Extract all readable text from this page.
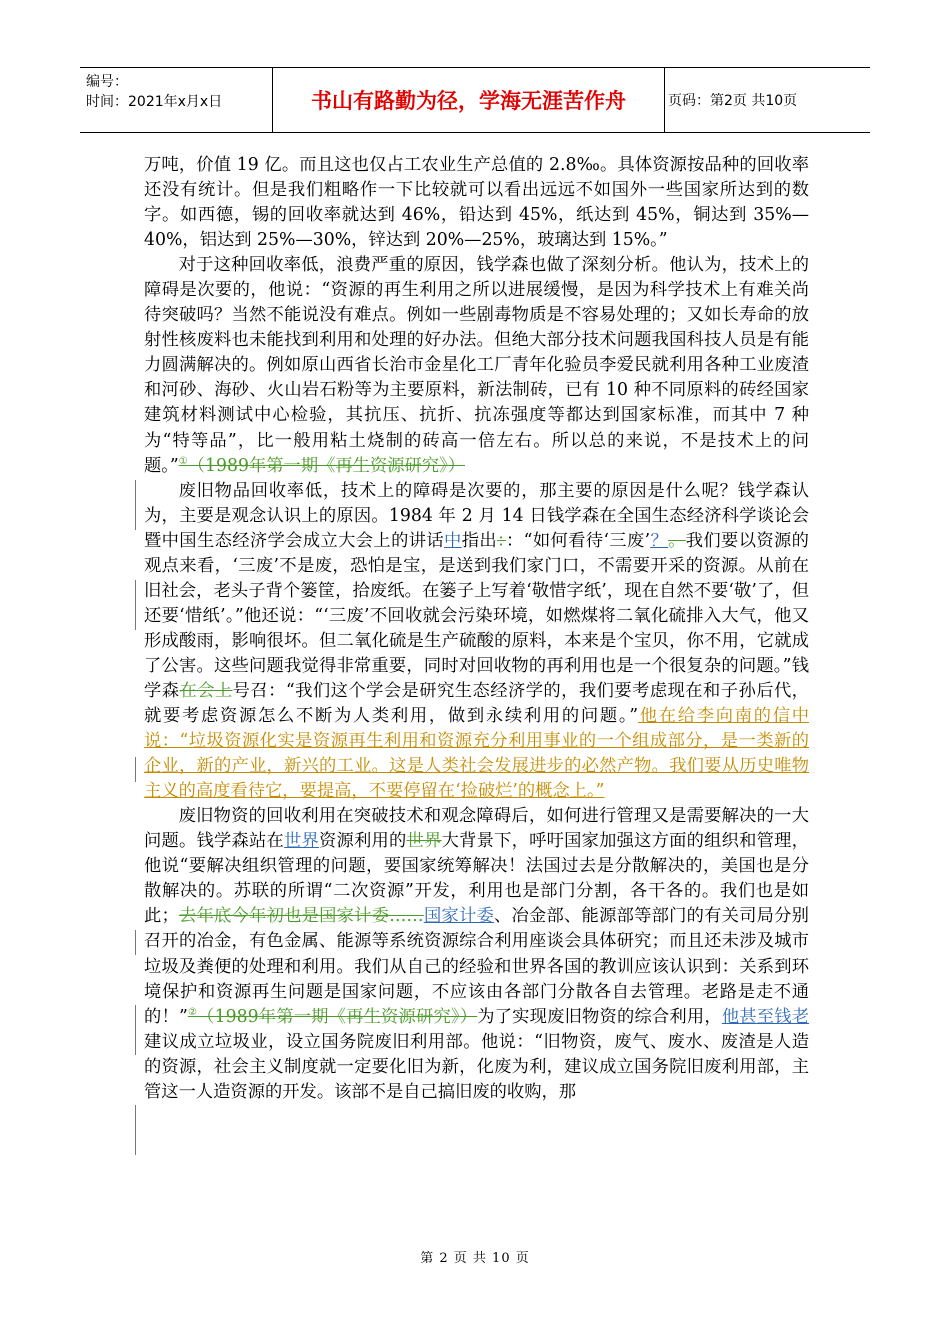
编号：
时间：2021年x月x日	书山有路勤为径，学海无涯苦作舟	页码：第2页 共10页

万吨，价值 19 亿。而且这也仅占工农业生产总值的 2.8‰。具体资源按品种的回收率还没有统计。但是我们粗略作一下比较就可以看出远远不如国外一些国家所达到的数字。如西德，锡的回收率就达到 46%，铅达到 45%，纸达到 45%，铜达到 35%—40%，铝达到 25%—30%，锌达到 20%—25%，玻璃达到 15%。”

对于这种回收率低，浪费严重的原因，钱学森也做了深刻分析。他认为，技术上的障碍是次要的，他说：“资源的再生利用之所以进展缓慢，是因为科学技术上有难关尚待突破吗？当然不能说没有难点。例如一些剧毒物质是不容易处理的；又如长寿命的放射性核废料也未能找到利用和处理的好办法。但绝大部分技术问题我国科技人员是有能力圆满解决的。例如原山西省长治市金星化工厂青年化验员李爱民就利用各种工业废渣和河砂、海砂、火山岩石粉等为主要原料，新法制砖，已有 10 种不同原料的砖经国家建筑材料测试中心检验，其抗压、抗折、抗冻强度等都达到国家标准，而其中 7 种为“特等品”，比一般用粘土烧制的砖高一倍左右。所以总的来说，不是技术上的问题。”①（1989年第一期《再生资源研究》）

废旧物品回收率低，技术上的障碍是次要的，那主要的原因是什么呢？钱学森认为，主要是观念认识上的原因。1984 年 2 月 14 日钱学森在全国生态经济科学谈论会暨中国生态经济学会成立大会上的讲话中指出：：“如何看待‘三废’？。我们要以资源的观点来看，‘三废’不是废，恐怕是宝，是送到我们家门口，不需要开采的资源。从前在旧社会，老头子背个篓筐，拾废纸。在篓子上写着‘敬惜字纸’，现在自然不要‘敬’了，但还要‘惜纸’。”他还说：“‘三废’不回收就会污染环境，如燃煤将二氧化硫排入大气，他又形成酸雨，影响很坏。但二氧化硫是生产硫酸的原料，本来是个宝贝，你不用，它就成了公害。这些问题我觉得非常重要，同时对回收物的再利用也是一个很复杂的问题。”钱学森在会上号召：“我们这个学会是研究生态经济学的，我们要考虑现在和子孙后代，就要考虑资源怎么不断为人类利用，做到永续利用的问题。”他在给李向南的信中说：“垃圾资源化实是资源再生利用和资源充分利用事业的一个组成部分，是一类新的企业，新的产业，新兴的工业。这是人类社会发展进步的必然产物。我们要从历史唯物主义的高度看待它，要提高，不要停留在‘捡破烂’的概念上。”

废旧物资的回收利用在突破技术和观念障碍后，如何进行管理又是需要解决的一大问题。钱学森站在世界资源利用的世界大背景下，呼吁国家加强这方面的组织和管理，他说“要解决组织管理的问题，要国家统筹解决！法国过去是分散解决的，美国也是分散解决的。苏联的所谓“二次资源”开发，利用也是部门分割，各干各的。我们也是如此；去年底今年初也是国家计委……国家计委、冶金部、能源部等部门的有关司局分别召开的冶金，有色金属、能源等系统资源综合利用座谈会具体研究；而且还未涉及城市垃圾及粪便的处理和利用。我们从自己的经验和世界各国的教训应该认识到：关系到环境保护和资源再生问题是国家问题，不应该由各部门分散各自去管理。老路是走不通的！”②（1989年第一期《再生资源研究》）为了实现废旧物资的综合利用，他甚至钱老建议成立垃圾业，设立国务院废旧利用部。他说：“旧物资，废气、废水、废渣是人造的资源，社会主义制度就一定要化旧为新，化废为利，建议成立国务院旧废利用部，主管这一人造资源的开发。该部不是自己搞旧废的收购，那

第 2 页 共 10 页
